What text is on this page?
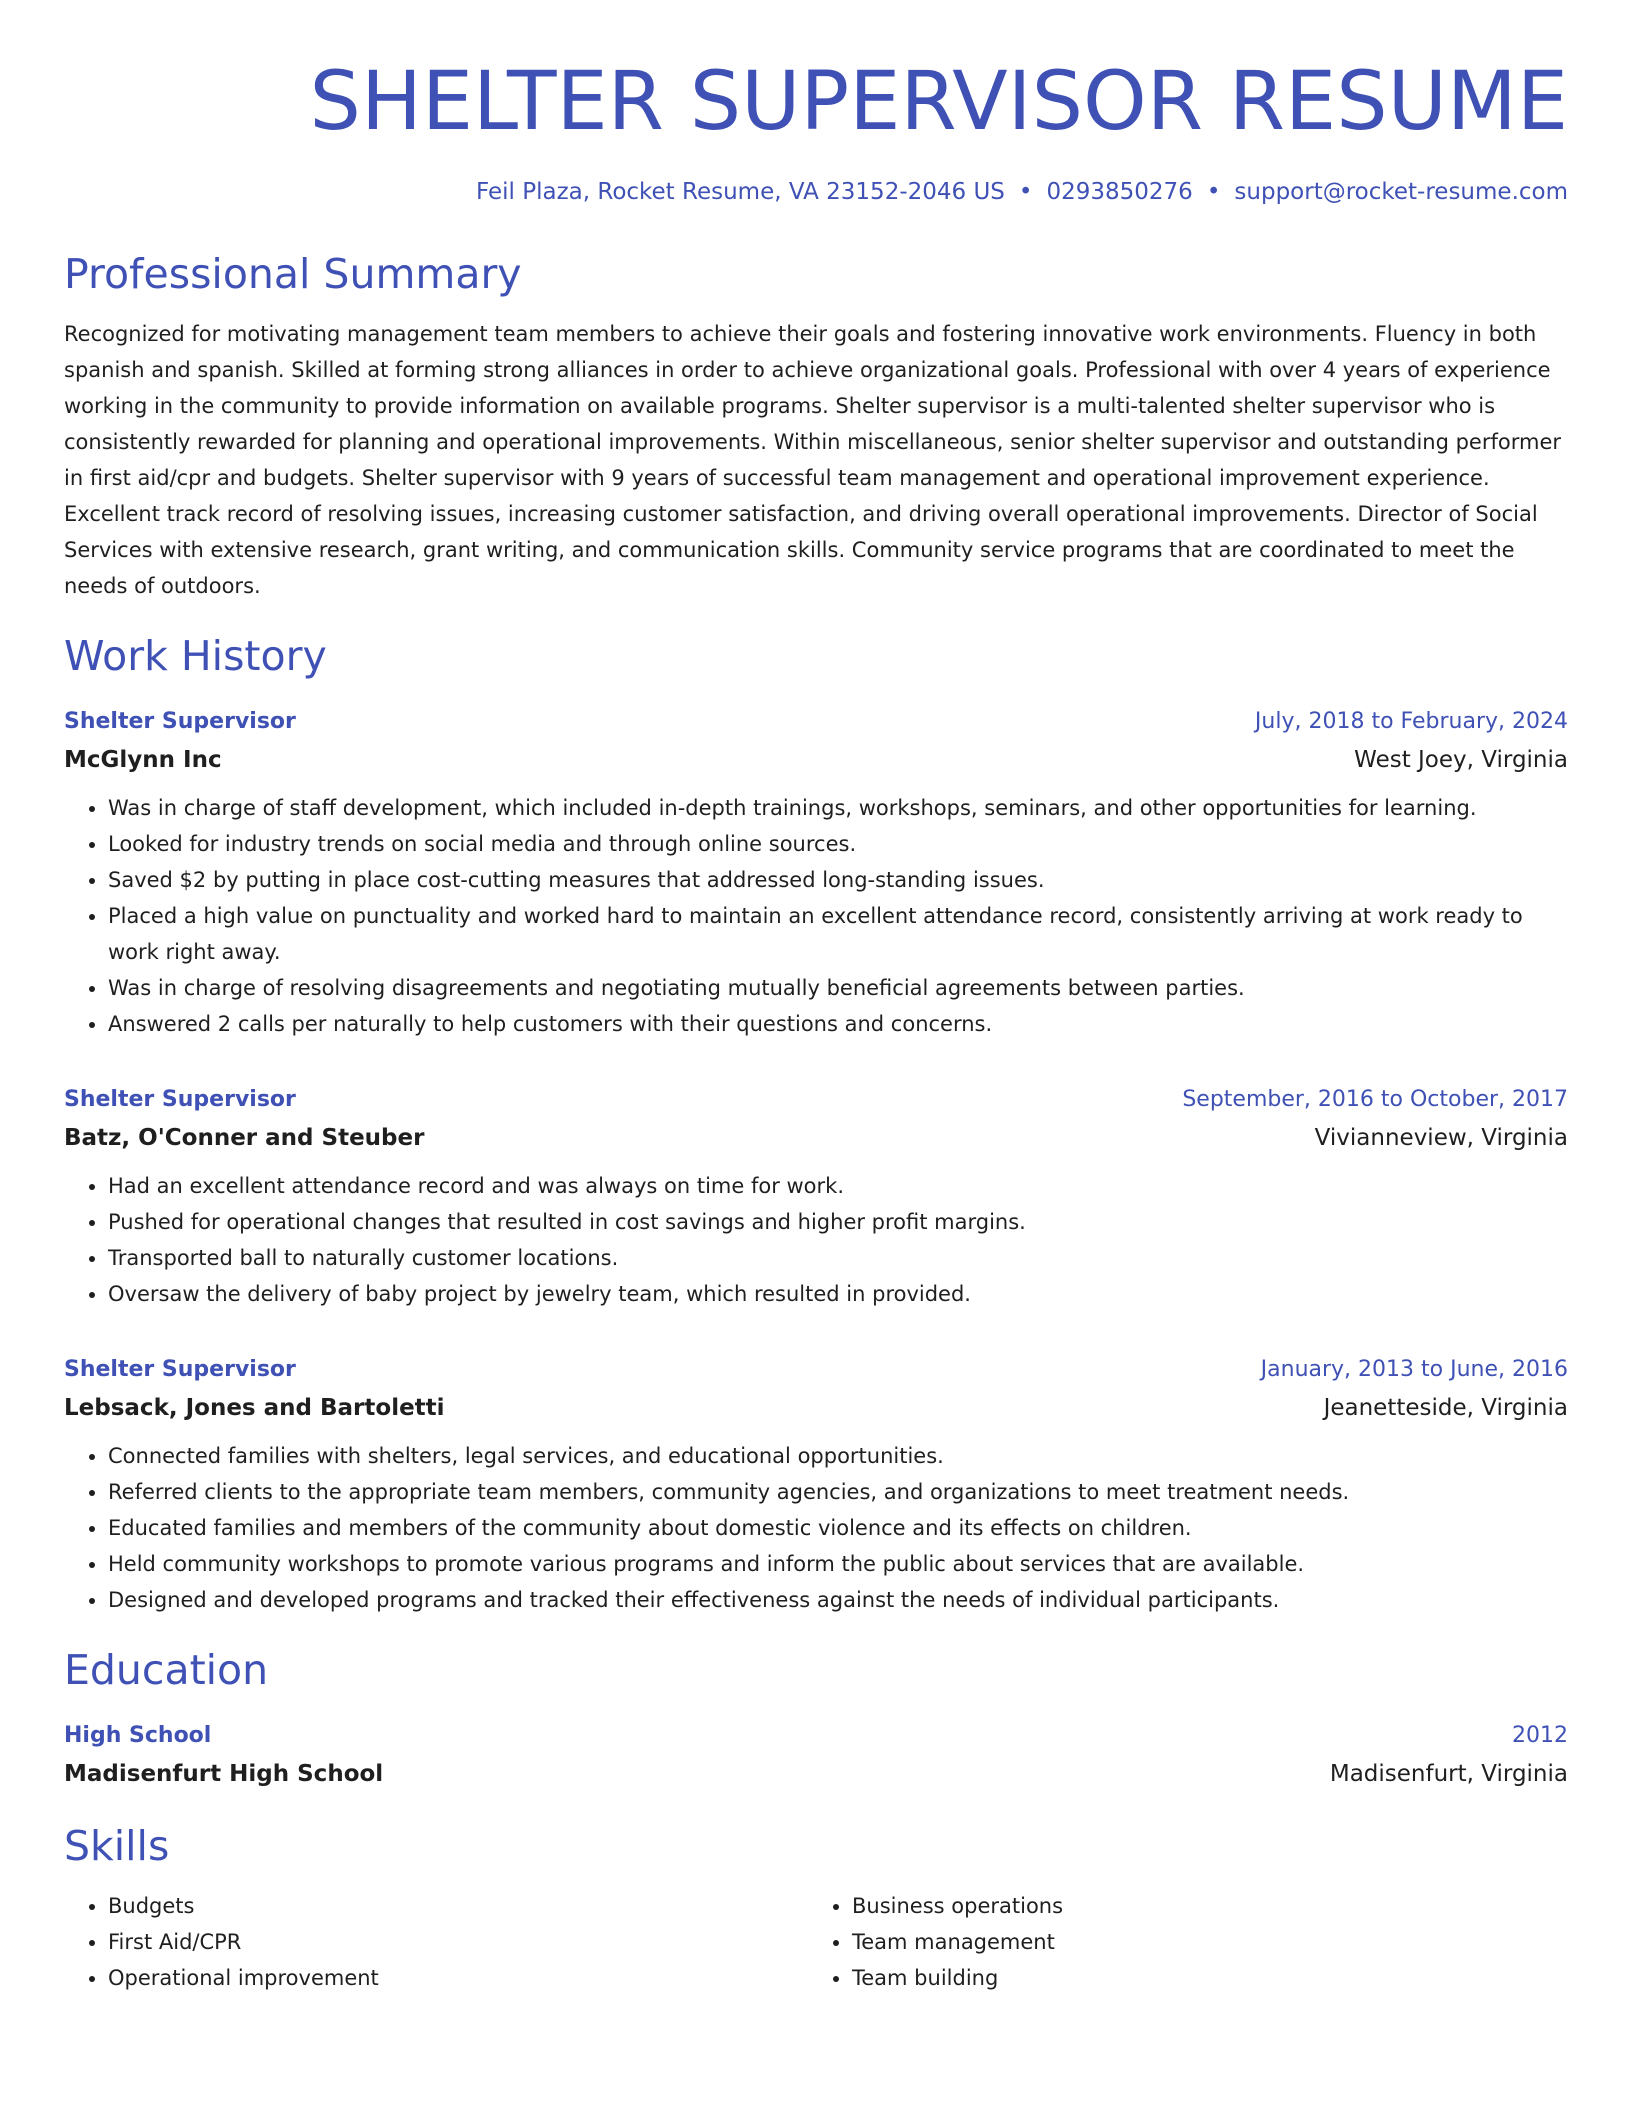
SHELTER SUPERVISOR RESUME
Feil Plaza, Rocket Resume, VA 23152-2046 US • 0293850276 • support@rocket-resume.com
Professional Summary
Recognized for motivating management team members to achieve their goals and fostering innovative work environments. Fluency in both spanish and spanish. Skilled at forming strong alliances in order to achieve organizational goals. Professional with over 4 years of experience working in the community to provide information on available programs. Shelter supervisor is a multi-talented shelter supervisor who is consistently rewarded for planning and operational improvements. Within miscellaneous, senior shelter supervisor and outstanding performer in first aid/cpr and budgets. Shelter supervisor with 9 years of successful team management and operational improvement experience. Excellent track record of resolving issues, increasing customer satisfaction, and driving overall operational improvements. Director of Social Services with extensive research, grant writing, and communication skills. Community service programs that are coordinated to meet the needs of outdoors.
Work History
Shelter Supervisor	July, 2018 to February, 2024
McGlynn Inc	West Joey, Virginia
• Was in charge of staff development, which included in-depth trainings, workshops, seminars, and other opportunities for learning.
• Looked for industry trends on social media and through online sources.
• Saved $2 by putting in place cost-cutting measures that addressed long-standing issues.
• Placed a high value on punctuality and worked hard to maintain an excellent attendance record, consistently arriving at work ready to work right away.
• Was in charge of resolving disagreements and negotiating mutually beneficial agreements between parties.
• Answered 2 calls per naturally to help customers with their questions and concerns.
Shelter Supervisor	September, 2016 to October, 2017
Batz, O'Conner and Steuber	Vivianneview, Virginia
• Had an excellent attendance record and was always on time for work.
• Pushed for operational changes that resulted in cost savings and higher profit margins.
• Transported ball to naturally customer locations.
• Oversaw the delivery of baby project by jewelry team, which resulted in provided.
Shelter Supervisor	January, 2013 to June, 2016
Lebsack, Jones and Bartoletti	Jeanetteside, Virginia
• Connected families with shelters, legal services, and educational opportunities.
• Referred clients to the appropriate team members, community agencies, and organizations to meet treatment needs.
• Educated families and members of the community about domestic violence and its effects on children.
• Held community workshops to promote various programs and inform the public about services that are available.
• Designed and developed programs and tracked their effectiveness against the needs of individual participants.
Education
High School	2012
Madisenfurt High School	Madisenfurt, Virginia
Skills
• Budgets
• First Aid/CPR
• Operational improvement
• Business operations
• Team management
• Team building
